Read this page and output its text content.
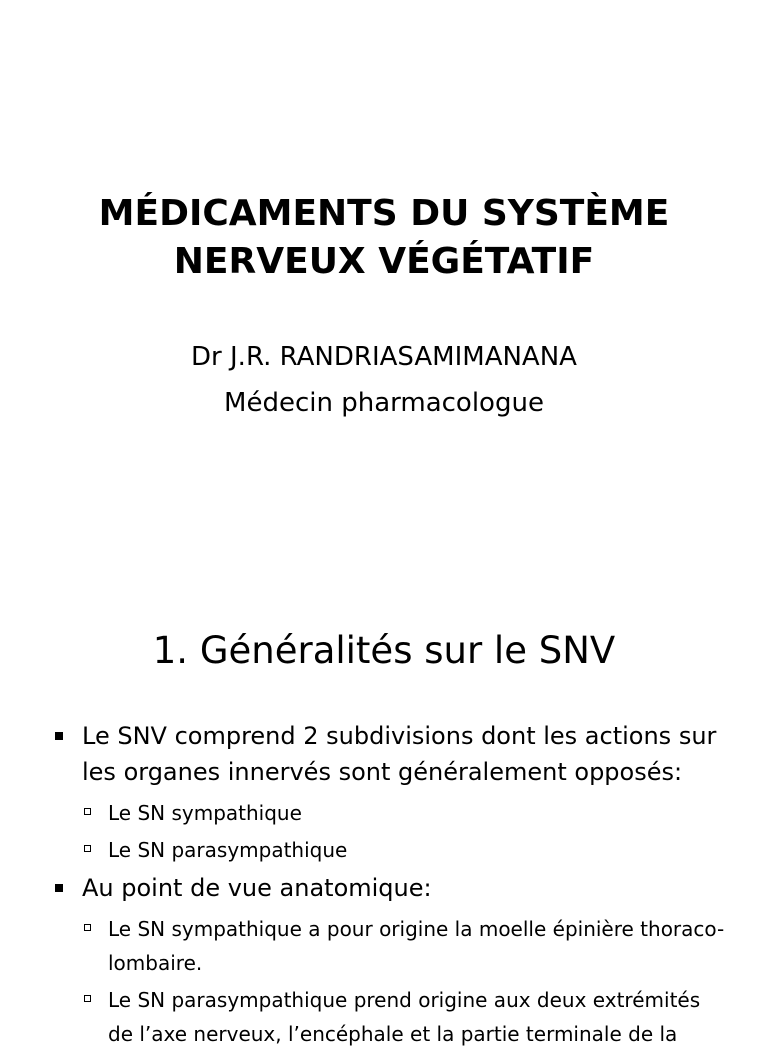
MÉDICAMENTS DU SYSTÈME
NERVEUX VÉGÉTATIF
Dr J.R. RANDRIASAMIMANANA
Médecin pharmacologue
1. Généralités sur le SNV
Le SNV comprend 2 subdivisions dont les actions sur les organes innervés sont généralement opposés:
Le SN sympathique
Le SN parasympathique
Au point de vue anatomique:
Le SN sympathique a pour origine la moelle épinière thoraco-lombaire.
Le SN parasympathique prend origine aux deux extrémités de l’axe nerveux, l’encéphale et la partie terminale de la
